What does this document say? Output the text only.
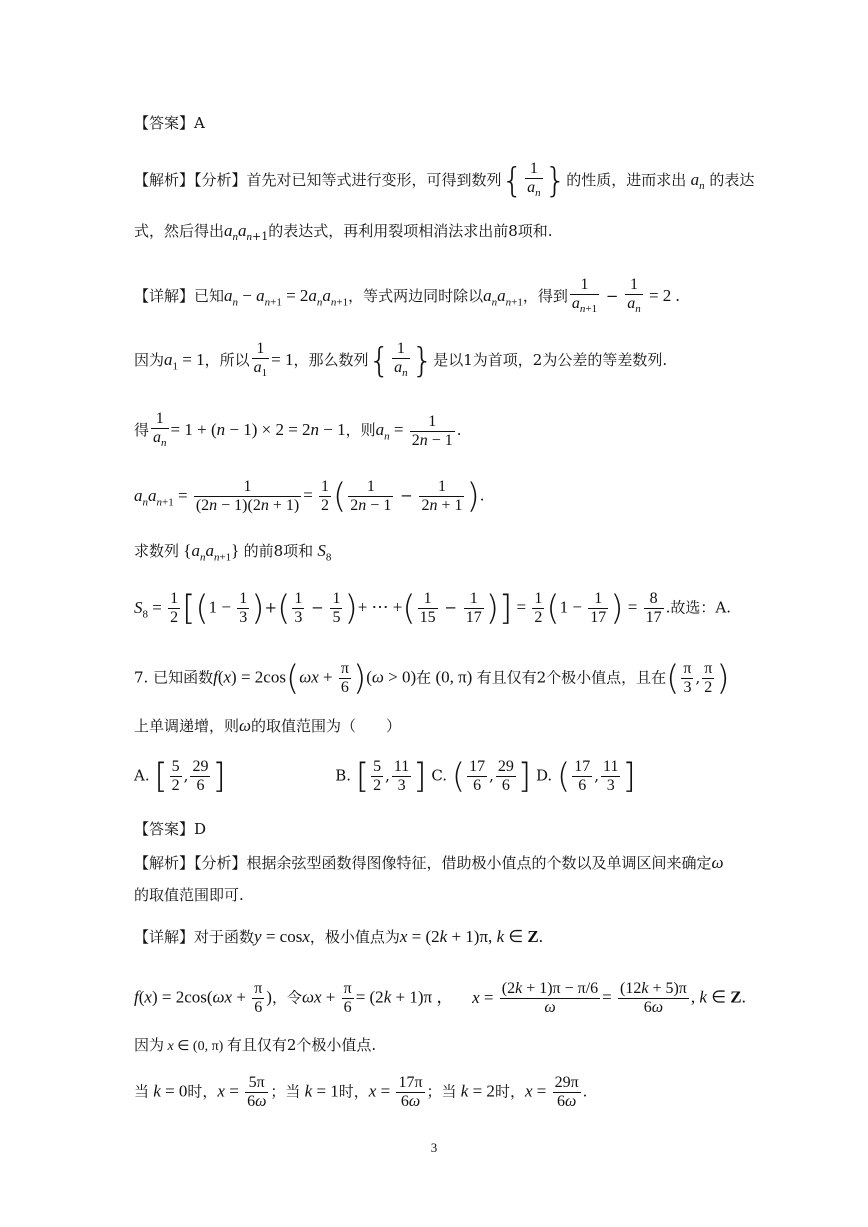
【答案】A
【解析】【分析】首先对已知等式进行变形，可得到数列{ $\frac{1}{a_n}$ }的性质，进而求出 $a_n$ 的表达
式，然后得出$a_na_{n+1}$的表达式，再利用裂项相消法求出前8项和.
【详解】已知$a_n - a_{n+1} = 2a_na_{n+1}$，等式两边同时除以$a_na_{n+1}$，得到 $\frac{1}{a_{n+1}} - \frac{1}{a_n} = 2$ .
因为$a_1 = 1$，所以 $\frac{1}{a_1} = 1$，那么数列{ $\frac{1}{a_n}$ }是以1为首项，2为公差的等差数列.
得 $\frac{1}{a_n} = 1 + (n - 1) \times 2 = 2n - 1$，则$a_n = \frac{1}{2n - 1}$ .
$a_na_{n+1} = \frac{1}{(2n - 1)(2n + 1)} = \frac{1}{2}$ ( $\frac{1}{2n - 1} - \frac{1}{2n + 1}$ ).
求数列 $\{a_na_{n+1}\}$ 的前8项和 $S_8$
$S_8 = \frac{1}{2} [(1 - \frac{1}{3}$ )+( $\frac{1}{3} - \frac{1}{5}$ )+ ⋯ +( $\frac{1}{15} - \frac{1}{17}$ )] = $\frac{1}{2} (1 - \frac{1}{17}$ ) = $\frac{8}{17}$ .故选：A.
7. 已知函数$f(x) = 2\cos(\omega x + \frac{\pi}{6} )(\omega > 0)$在 (0, π) 有且仅有2个极小值点，且在( $\frac{\pi}{3}$ , $\frac{\pi}{2}$ )
上单调递增，则ω的取值范围为（　　）
A. [ $\frac{5}{2}$ , $\frac{29}{6}$ ]	B. [ $\frac{5}{2}$ , $\frac{11}{3}$ ] C. ( $\frac{17}{6}$ , $\frac{29}{6}$ ] D. ( $\frac{17}{6}$ , $\frac{11}{3}$ ]
【答案】D
【解析】【分析】根据余弦型函数得图像特征，借助极小值点的个数以及单调区间来确定ω
的取值范围即可.
【详解】对于函数y = cosx，极小值点为x = (2k + 1)π, k ∈ Z.
$f(x) = 2\cos(\omega x + \frac{\pi}{6}$ )，令$\omega x + \frac{\pi}{6} = (2k + 1)\pi$ ， $x = \frac{(2k + 1)\pi - \pi/6}{\omega} = \frac{(12k + 5)\pi}{6\omega}$ , k ∈ Z.
因为 x ∈ (0, π) 有且仅有2个极小值点.
当 k = 0时，$x = \frac{5\pi}{6\omega}$ ；当 k = 1时，$x = \frac{17\pi}{6\omega}$ ；当 k = 2时，$x = \frac{29\pi}{6\omega}$ .
3
